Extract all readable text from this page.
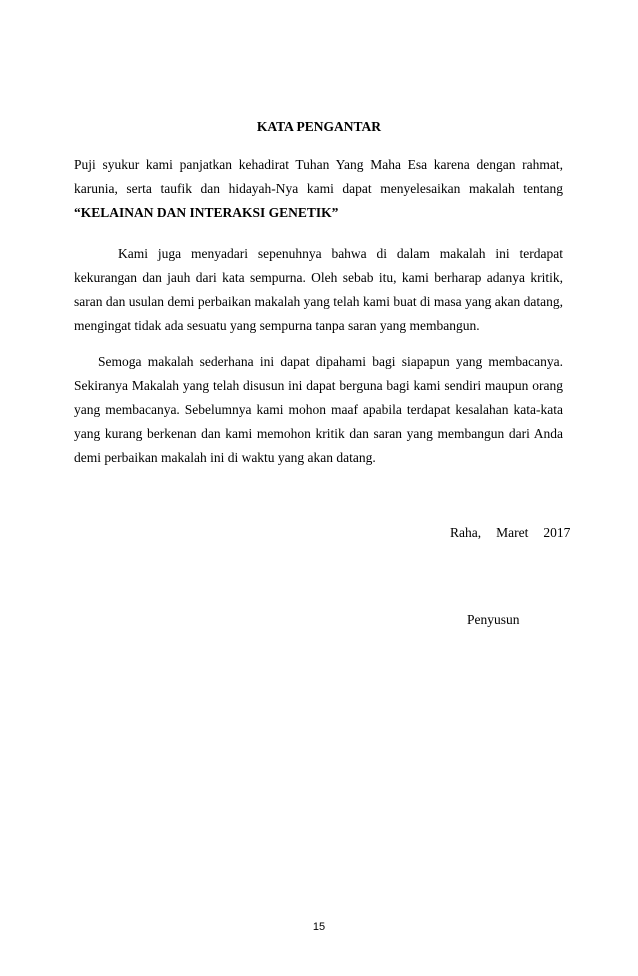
KATA PENGANTAR
Puji syukur kami panjatkan kehadirat Tuhan Yang Maha Esa karena dengan rahmat, karunia, serta taufik dan hidayah-Nya kami dapat menyelesaikan makalah tentang “KELAINAN DAN INTERAKSI GENETIK”
Kami juga menyadari sepenuhnya bahwa di dalam makalah ini terdapat kekurangan dan jauh dari kata sempurna. Oleh sebab itu, kami berharap adanya kritik, saran dan usulan demi perbaikan makalah yang telah kami buat di masa yang akan datang, mengingat tidak ada sesuatu yang sempurna tanpa saran yang membangun.
Semoga makalah sederhana ini dapat dipahami bagi siapapun yang membacanya. Sekiranya Makalah yang telah disusun ini dapat berguna bagi kami sendiri maupun orang yang membacanya. Sebelumnya kami mohon maaf apabila terdapat kesalahan kata-kata yang kurang berkenan dan kami memohon kritik dan saran yang membangun dari Anda demi perbaikan makalah ini di waktu yang akan datang.
Raha, Maret 2017
Penyusun
15
